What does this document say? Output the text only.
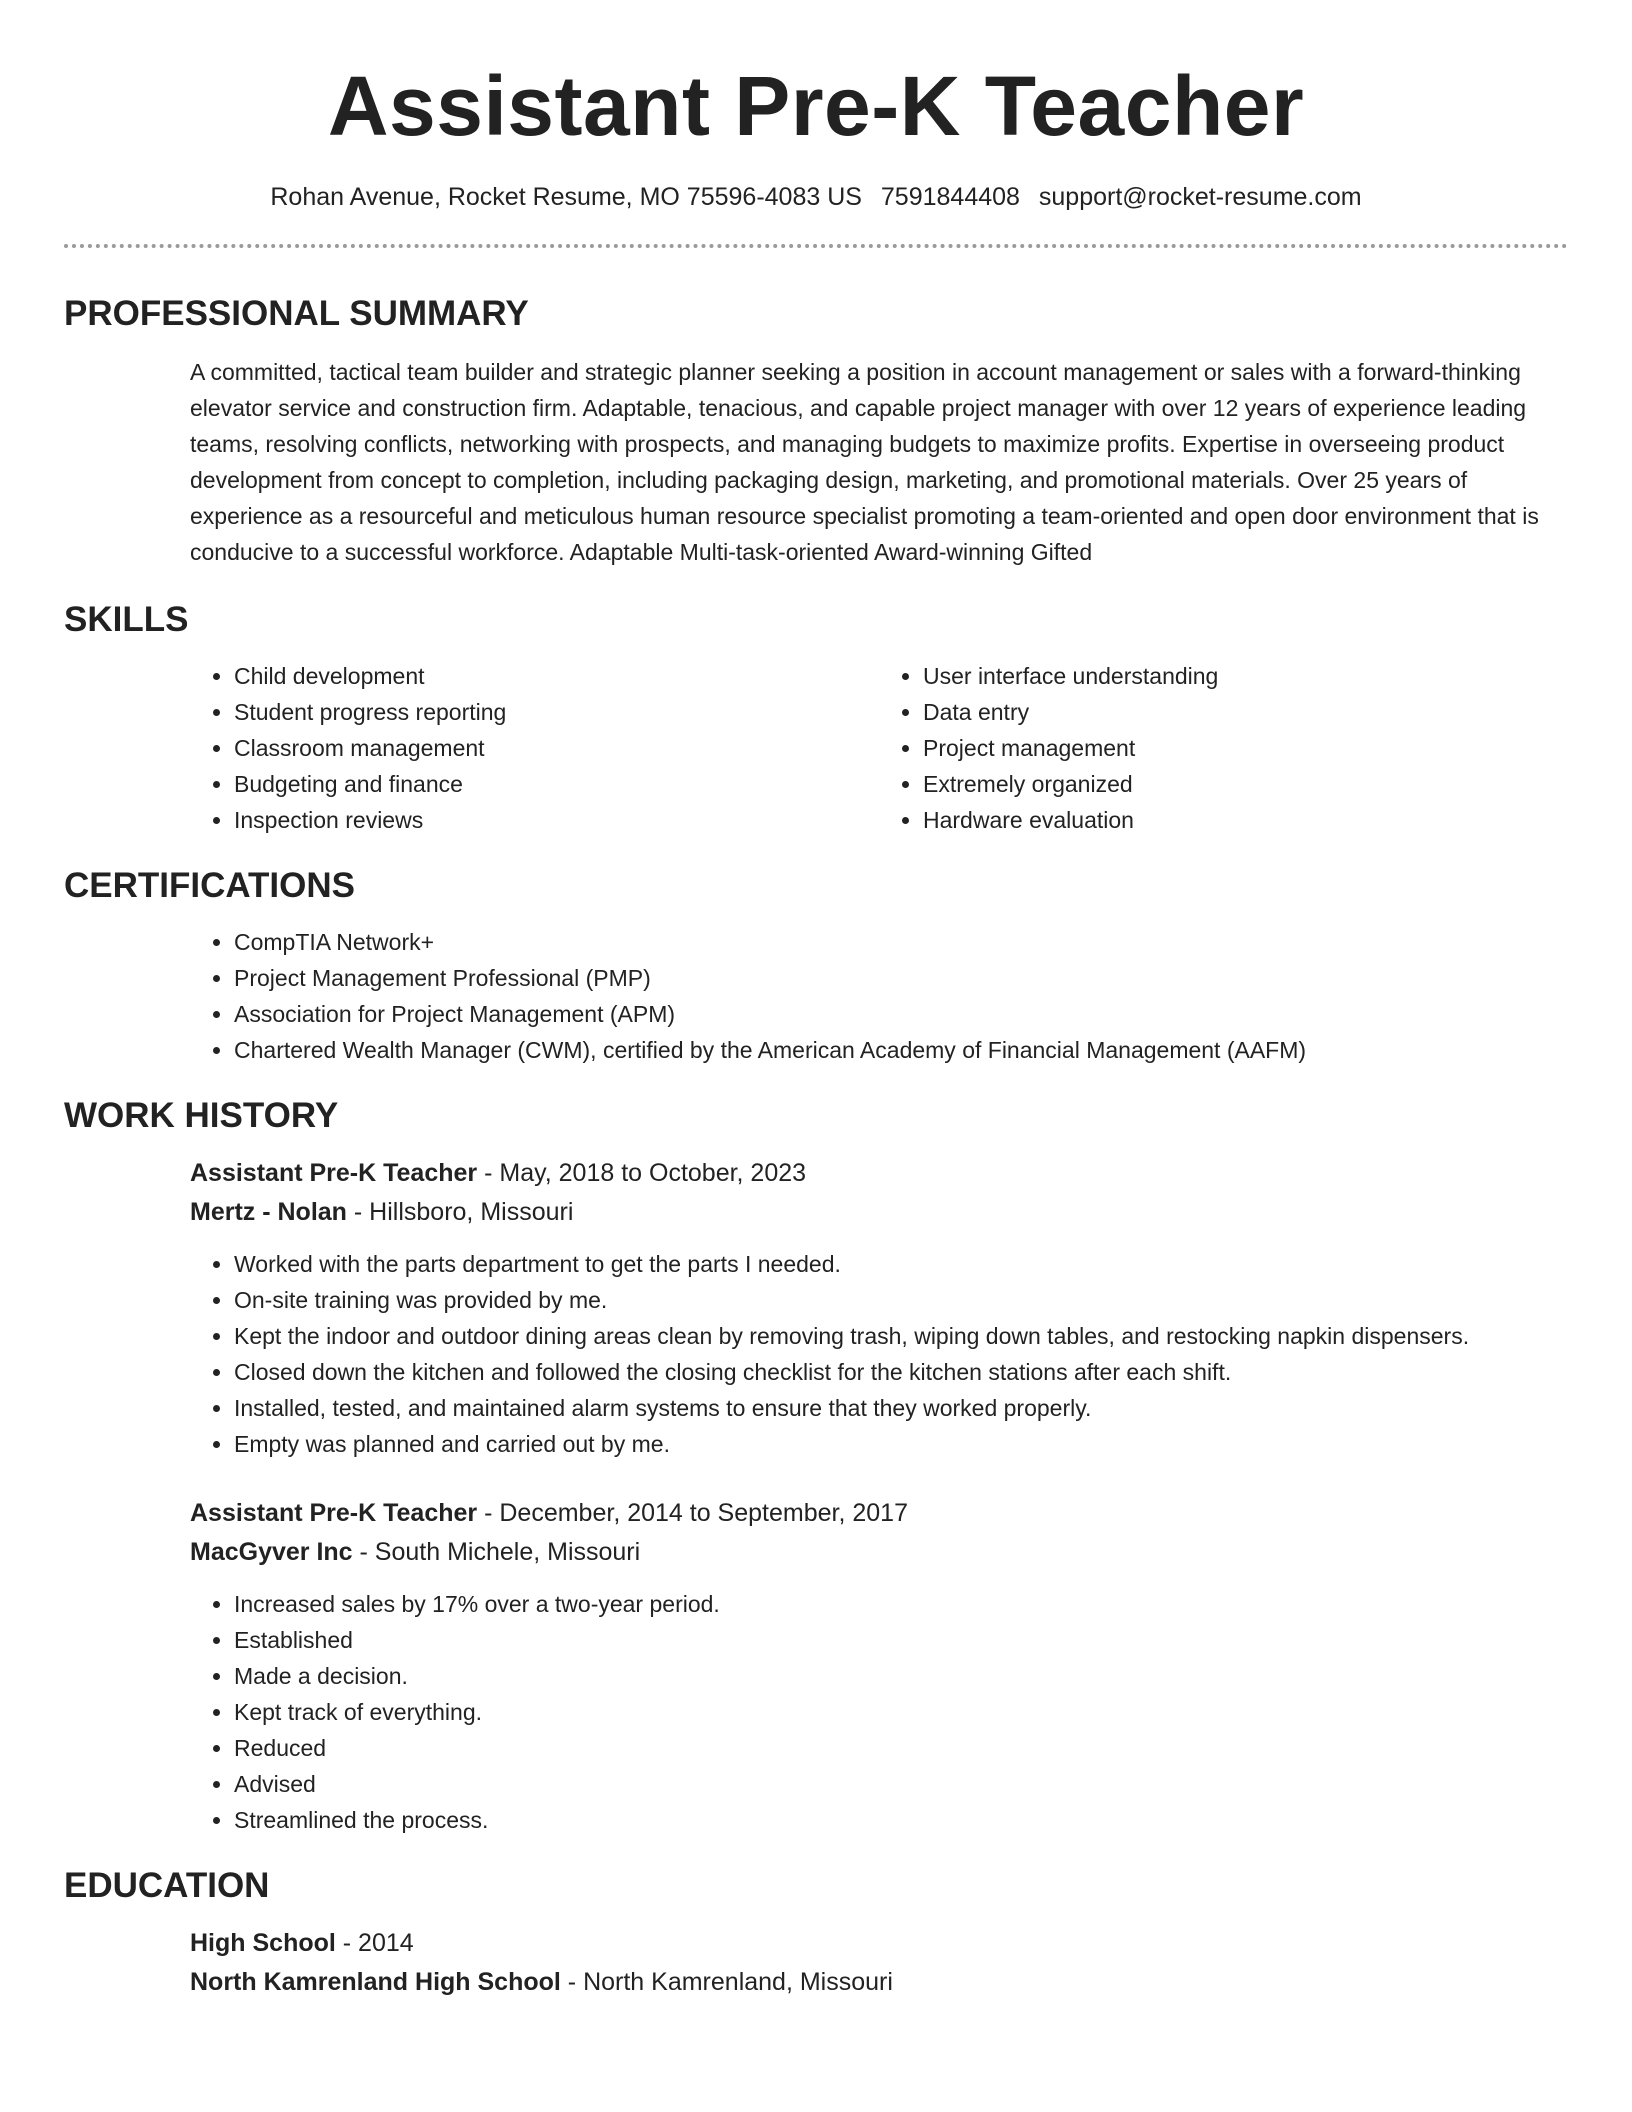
Assistant Pre-K Teacher
Rohan Avenue, Rocket Resume, MO 75596-4083 US 7591844408 support@rocket-resume.com
PROFESSIONAL SUMMARY

A committed, tactical team builder and strategic planner seeking a position in account management or sales with a forward-thinking elevator service and construction firm. Adaptable, tenacious, and capable project manager with over 12 years of experience leading teams, resolving conflicts, networking with prospects, and managing budgets to maximize profits. Expertise in overseeing product development from concept to completion, including packaging design, marketing, and promotional materials. Over 25 years of experience as a resourceful and meticulous human resource specialist promoting a team-oriented and open door environment that is conducive to a successful workforce. Adaptable Multi-task-oriented Award-winning Gifted

SKILLS
• Child development
• Student progress reporting
• Classroom management
• Budgeting and finance
• Inspection reviews
• User interface understanding
• Data entry
• Project management
• Extremely organized
• Hardware evaluation
CERTIFICATIONS
• CompTIA Network+
• Project Management Professional (PMP)
• Association for Project Management (APM)
• Chartered Wealth Manager (CWM), certified by the American Academy of Financial Management (AAFM)
WORK HISTORY
Assistant Pre-K Teacher - May, 2018 to October, 2023
Mertz - Nolan - Hillsboro, Missouri
• Worked with the parts department to get the parts I needed.
• On-site training was provided by me.
• Kept the indoor and outdoor dining areas clean by removing trash, wiping down tables, and restocking napkin dispensers.
• Closed down the kitchen and followed the closing checklist for the kitchen stations after each shift.
• Installed, tested, and maintained alarm systems to ensure that they worked properly.
• Empty was planned and carried out by me.
Assistant Pre-K Teacher - December, 2014 to September, 2017
MacGyver Inc - South Michele, Missouri
• Increased sales by 17% over a two-year period.
• Established
• Made a decision.
• Kept track of everything.
• Reduced
• Advised
• Streamlined the process.
EDUCATION
High School - 2014
North Kamrenland High School - North Kamrenland, Missouri
